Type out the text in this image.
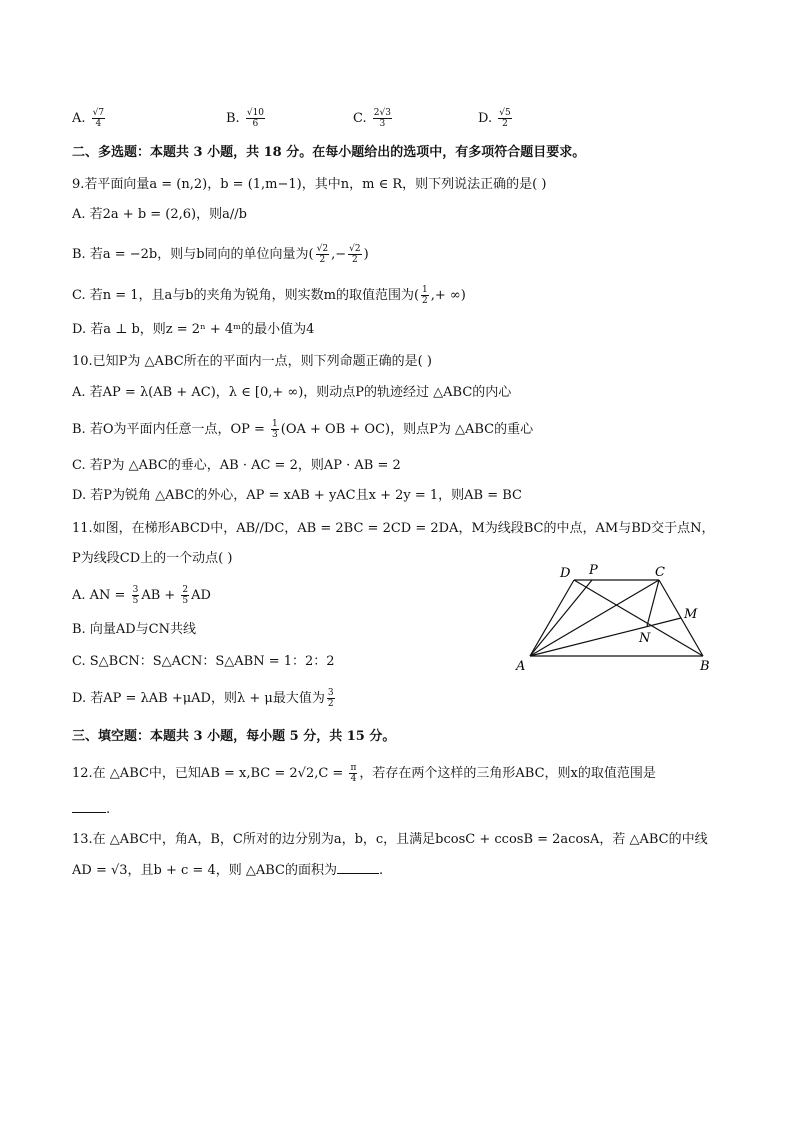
A. $\frac{√7}{4}$	B. $\frac{√10}{6}$	C. $\frac{2√3}{3}$	D. $\frac{√5}{2}$
二、多选题：本题共 3 小题，共 18 分。在每小题给出的选项中，有多项符合题目要求。
9.若平面向量a = (n,2)，b = (1,m−1)，其中n，m ∈ R，则下列说法正确的是( )
A. 若2a + b = (2,6)，则a//b
B. 若a = −2b，则与b同向的单位向量为( $\frac{√2}{2}$ ,− $\frac{√2}{2}$ )
C. 若n = 1，且a与b的夹角为锐角，则实数m的取值范围为( $\frac{1}{2}$ ,+ ∞)
D. 若a ⊥ b，则z = 2ⁿ + 4ᵐ的最小值为4
10.已知P为 △ABC所在的平面内一点，则下列命题正确的是( )
A. 若AP = λ(AB + AC)，λ ∈ [0,+ ∞)，则动点P的轨迹经过 △ABC的内心
B. 若O为平面内任意一点，OP = $\frac{1}{3} (OA$ + OB + OC)，则点P为 △ABC的重心
C. 若P为 △ABC的垂心，AB · AC = 2，则AP · AB = 2
D. 若P为锐角 △ABC的外心，AP = xAB + yAC且x + 2y = 1，则AB = BC
11.如图，在梯形ABCD中，AB//DC，AB = 2BC = 2CD = 2DA，M为线段BC的中点，AM与BD交于点N，
P为线段CD上的一个动点( )
A. AN = $\frac{3}{5}$ AB + $\frac{2}{5}$ AD
B. 向量AD与CN共线
C. S△BCN：S△ACN：S△ABN = 1：2：2
D. 若AP = λAB +μAD，则λ + μ最大值为 $\frac{3}{2}$
D P	C
M
N
A	B
三、填空题：本题共 3 小题，每小题 5 分，共 15 分。
12.在 △ABC中，已知AB = $x,BC = 2√2,C = \frac{\pi}{4}$ ，若存在两个这样的三角形ABC，则x的取值范围是
.
13.在 △ABC中，角A，B，C所对的边分别为a，b，c，且满足bcosC + ccosB = 2acosA，若 △ABC的中线
AD = √3，且b + c = 4，则 △ABC的面积为	.
